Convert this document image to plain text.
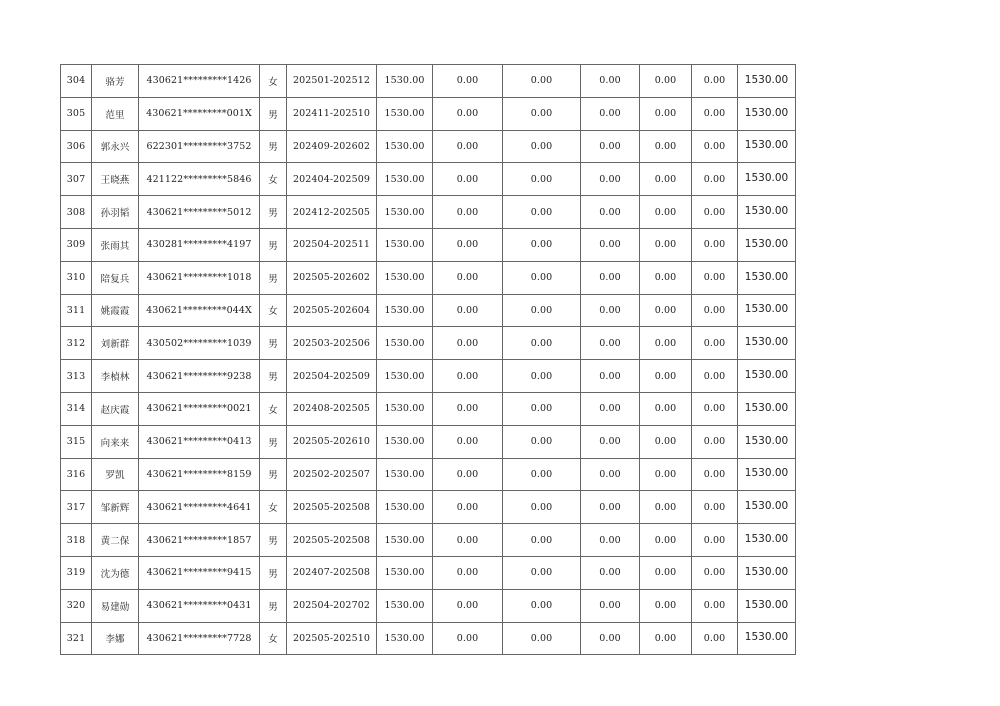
304	骆芳	430621*********1426	女	202501-202512	1530.00	0.00	0.00	0.00	0.00	0.00	1530.00
305	范里	430621*********001X	男	202411-202510	1530.00	0.00	0.00	0.00	0.00	0.00	1530.00
306	郭永兴	622301*********3752	男	202409-202602	1530.00	0.00	0.00	0.00	0.00	0.00	1530.00
307	王晓燕	421122*********5846	女	202404-202509	1530.00	0.00	0.00	0.00	0.00	0.00	1530.00
308	孙羽韬	430621*********5012	男	202412-202505	1530.00	0.00	0.00	0.00	0.00	0.00	1530.00
309	张雨其	430281*********4197	男	202504-202511	1530.00	0.00	0.00	0.00	0.00	0.00	1530.00
310	陪复兵	430621*********1018	男	202505-202602	1530.00	0.00	0.00	0.00	0.00	0.00	1530.00
311	姚霞霞	430621*********044X	女	202505-202604	1530.00	0.00	0.00	0.00	0.00	0.00	1530.00
312	刘新群	430502*********1039	男	202503-202506	1530.00	0.00	0.00	0.00	0.00	0.00	1530.00
313	李楨林	430621*********9238	男	202504-202509	1530.00	0.00	0.00	0.00	0.00	0.00	1530.00
314	赵庆霞	430621*********0021	女	202408-202505	1530.00	0.00	0.00	0.00	0.00	0.00	1530.00
315	向来来	430621*********0413	男	202505-202610	1530.00	0.00	0.00	0.00	0.00	0.00	1530.00
316	罗凯	430621*********8159	男	202502-202507	1530.00	0.00	0.00	0.00	0.00	0.00	1530.00
317	邹新辉	430621*********4641	女	202505-202508	1530.00	0.00	0.00	0.00	0.00	0.00	1530.00
318	黄二保	430621*********1857	男	202505-202508	1530.00	0.00	0.00	0.00	0.00	0.00	1530.00
319	沈为德	430621*********9415	男	202407-202508	1530.00	0.00	0.00	0.00	0.00	0.00	1530.00
320	易建勋	430621*********0431	男	202504-202702	1530.00	0.00	0.00	0.00	0.00	0.00	1530.00
321	李娜	430621*********7728	女	202505-202510	1530.00	0.00	0.00	0.00	0.00	0.00	1530.00
